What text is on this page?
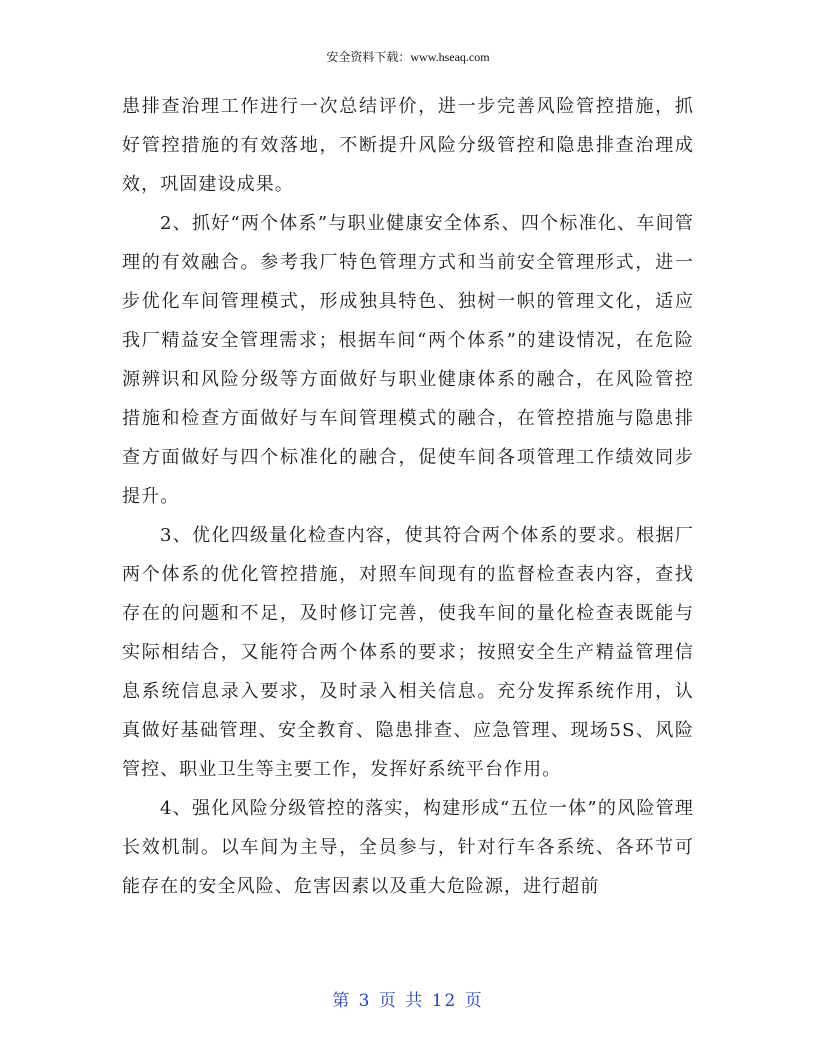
安全资料下载：www.hseaq.com

患排查治理工作进行一次总结评价，进一步完善风险管控措施，抓好管控措施的有效落地，不断提升风险分级管控和隐患排查治理成效，巩固建设成果。

2、抓好“两个体系”与职业健康安全体系、四个标准化、车间管理的有效融合。参考我厂特色管理方式和当前安全管理形式，进一步优化车间管理模式，形成独具特色、独树一帜的管理文化，适应我厂精益安全管理需求；根据车间“两个体系”的建设情况，在危险源辨识和风险分级等方面做好与职业健康体系的融合，在风险管控措施和检查方面做好与车间管理模式的融合，在管控措施与隐患排查方面做好与四个标准化的融合，促使车间各项管理工作绩效同步提升。

3、优化四级量化检查内容，使其符合两个体系的要求。根据厂两个体系的优化管控措施，对照车间现有的监督检查表内容，查找存在的问题和不足，及时修订完善，使我车间的量化检查表既能与实际相结合，又能符合两个体系的要求；按照安全生产精益管理信息系统信息录入要求，及时录入相关信息。充分发挥系统作用，认真做好基础管理、安全教育、隐患排查、应急管理、现场5S、风险管控、职业卫生等主要工作，发挥好系统平台作用。

4、强化风险分级管控的落实，构建形成“五位一体”的风险管理长效机制。以车间为主导，全员参与，针对行车各系统、各环节可能存在的安全风险、危害因素以及重大危险源，进行超前

第 3 页 共 12 页
